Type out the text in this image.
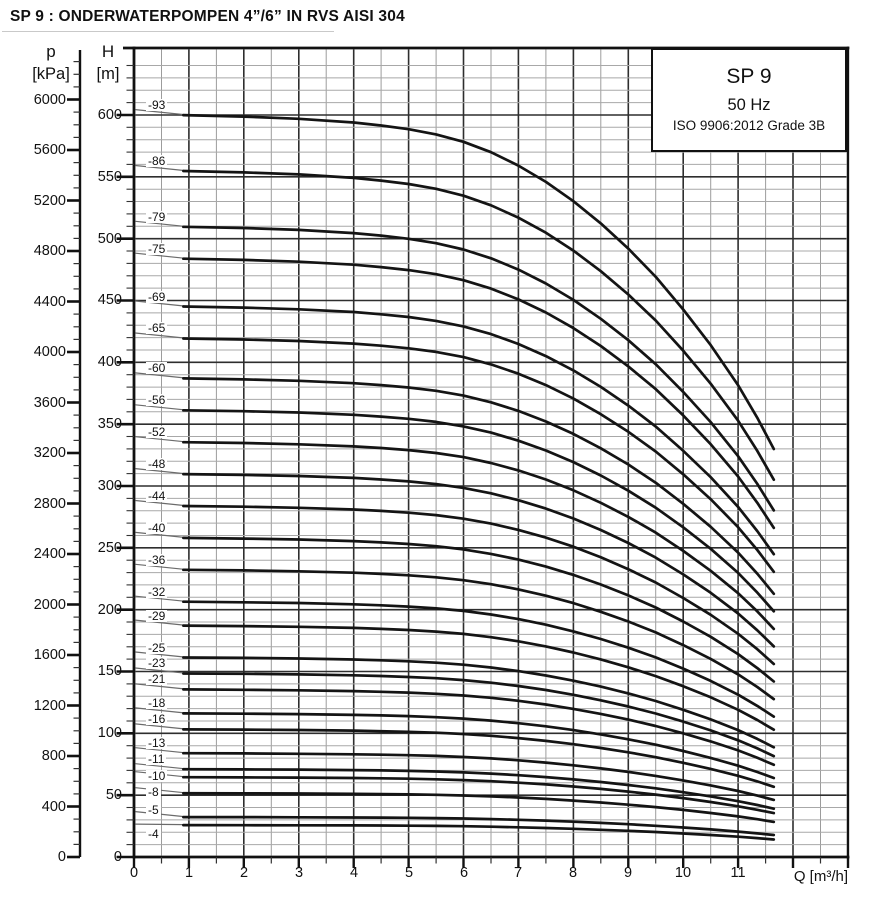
SP 9 : ONDERWATERPOMPEN 4”/6” IN RVS AISI 304
p
[kPa]
H
[m]
0
400
800
1200
1600
2000
2400
2800
3200
3600
4000
4400
4800
5200
5600
6000
0
50
100
150
200
250
300
350
400
450
500
550
600
0	1	2	3	4	5	6	7	8	9	10	11
-93
-86
-79
-75
-69
-65
-60
-56
-52
-48
-44
-40
-36
-32
-29
-25
-23
-21
-18
-16
-13
-11
-10
-8
-5
-4
SP 9
50 Hz
ISO 9906:2012 Grade 3B
Q [m³/h]
